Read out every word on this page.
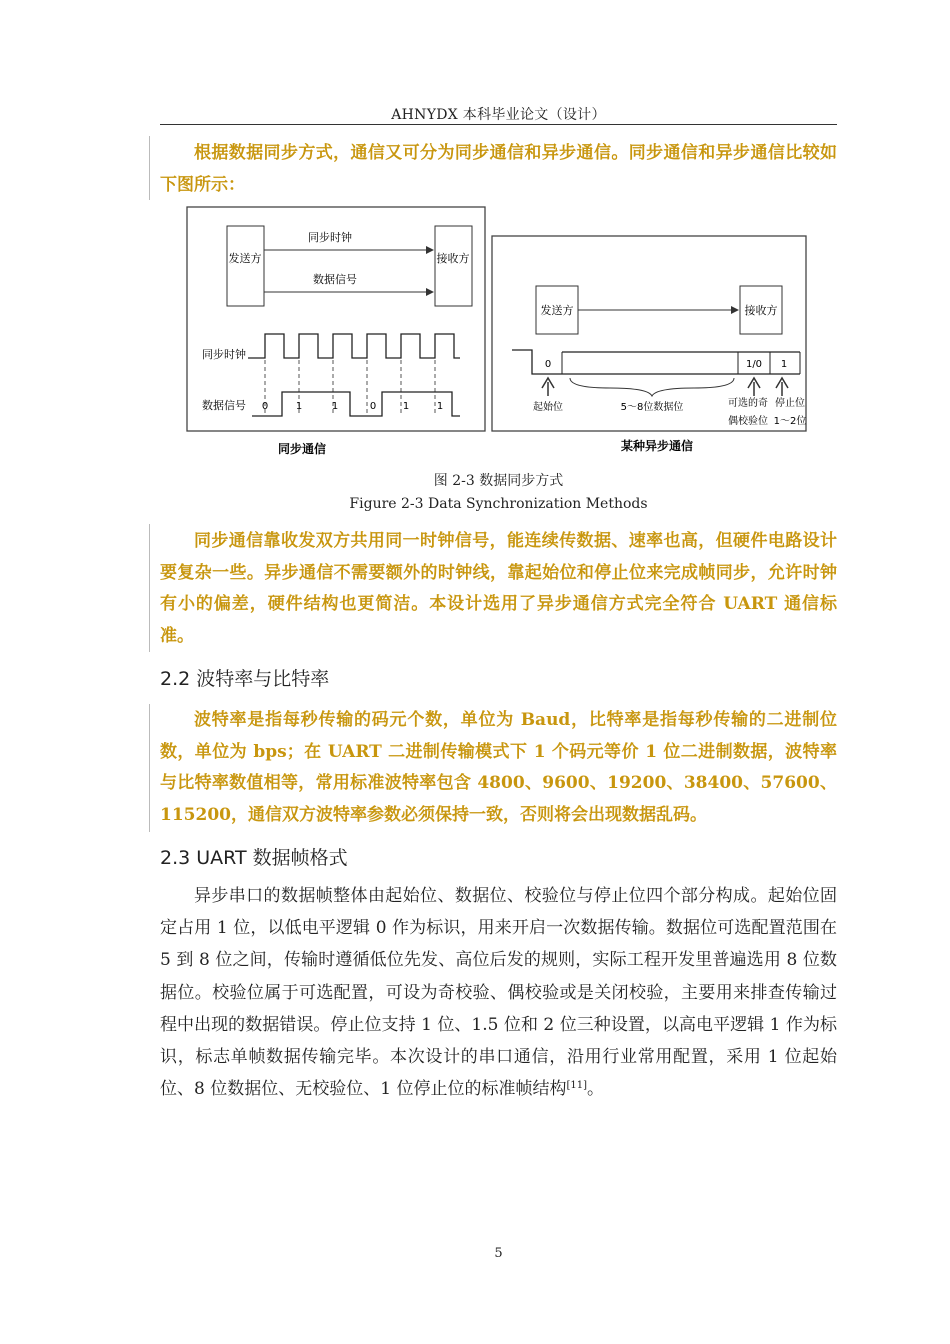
AHNYDX 本科毕业论文（设计）

根据数据同步方式，通信又可分为同步通信和异步通信。同步通信和异步通信比较如下图所示：

发送方	接收方
同步时钟
数据信号
同步时钟
数据信号 0	1	1	0	1	1
同步通信
发送方	接收方
0	1/0 1
起始位	5～8位数据位	可选的奇
偶校验位
停止位
1～2位
某种异步通信
图 2-3 数据同步方式
Figure 2-3 Data Synchronization Methods

同步通信靠收发双方共用同一时钟信号，能连续传数据、速率也高，但硬件电路设计要复杂一些。异步通信不需要额外的时钟线，靠起始位和停止位来完成帧同步，允许时钟有小的偏差，硬件结构也更简洁。本设计选用了异步通信方式完全符合 UART 通信标准。

2.2 波特率与比特率

波特率是指每秒传输的码元个数，单位为 Baud，比特率是指每秒传输的二进制位数，单位为 bps；在 UART 二进制传输模式下 1 个码元等价 1 位二进制数据，波特率与比特率数值相等，常用标准波特率包含 4800、9600、19200、38400、57600、115200，通信双方波特率参数必须保持一致，否则将会出现数据乱码。

2.3 UART 数据帧格式

异步串口的数据帧整体由起始位、数据位、校验位与停止位四个部分构成。起始位固定占用 1 位，以低电平逻辑 0 作为标识，用来开启一次数据传输。数据位可选配置范围在 5 到 8 位之间，传输时遵循低位先发、高位后发的规则，实际工程开发里普遍选用 8 位数据位。校验位属于可选配置，可设为奇校验、偶校验或是关闭校验，主要用来排查传输过程中出现的数据错误。停止位支持 1 位、1.5 位和 2 位三种设置，以高电平逻辑 1 作为标识，标志单帧数据传输完毕。本次设计的串口通信，沿用行业常用配置，采用 1 位起始位、8 位数据位、无校验位、1 位停止位的标准帧结构[11]。

5
